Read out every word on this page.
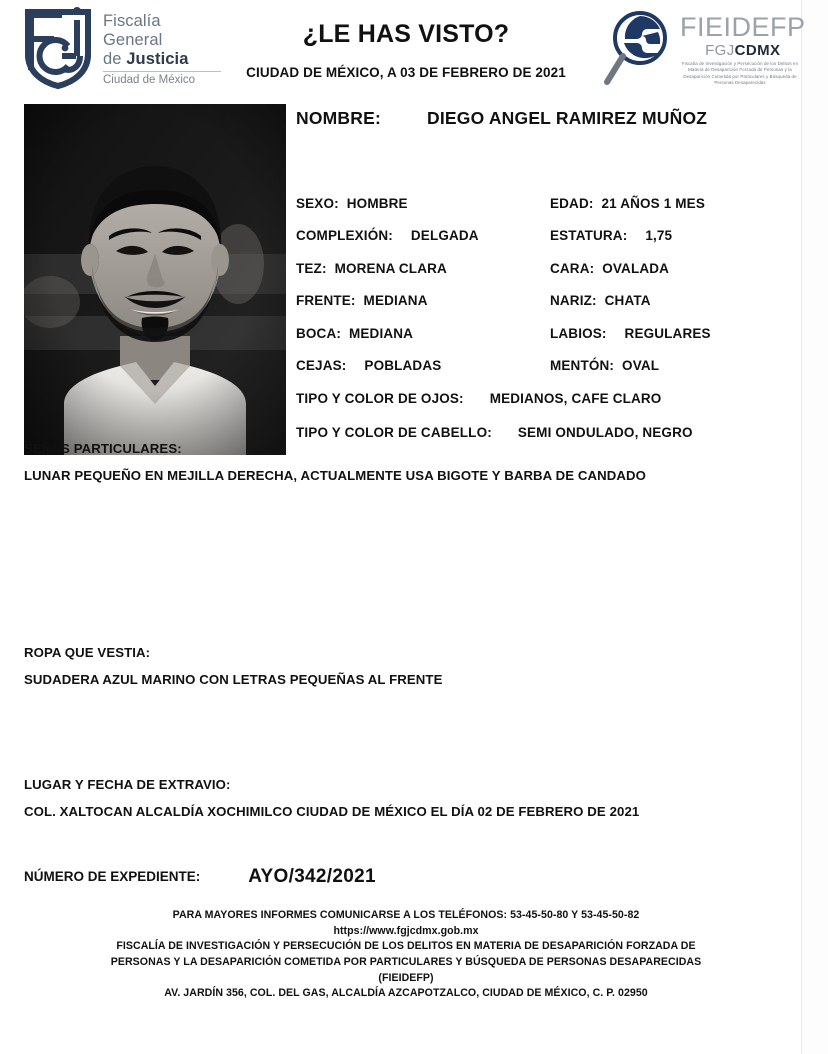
Fiscalía
General
de Justicia
Ciudad de México
¿LE HAS VISTO?
CIUDAD DE MÉXICO, A 03 DE FEBRERO DE 2021
FIEIDEFP
FGJCDMX
Fiscalía de Investigación y Persecución de los Delitos en Materia de Desaparición Forzada de Personas y la Desaparición Cometida por Particulares y Búsqueda de Personas Desaparecidas
NOMBRE:	DIEGO ANGEL RAMIREZ MUÑOZ
SEXO: HOMBRE	EDAD: 21 AÑOS 1 MES
COMPLEXIÓN: DELGADA	ESTATURA: 1,75
TEZ: MORENA CLARA	CARA: OVALADA
FRENTE: MEDIANA	NARIZ: CHATA
BOCA: MEDIANA	LABIOS: REGULARES
CEJAS: POBLADAS	MENTÓN: OVAL
TIPO Y COLOR DE OJOS: MEDIANOS, CAFE CLARO
TIPO Y COLOR DE CABELLO: SEMI ONDULADO, NEGRO
SEÑAS PARTICULARES:
LUNAR PEQUEÑO EN MEJILLA DERECHA, ACTUALMENTE USA BIGOTE Y BARBA DE CANDADO
ROPA QUE VESTIA:
SUDADERA AZUL MARINO CON LETRAS PEQUEÑAS AL FRENTE
LUGAR Y FECHA DE EXTRAVIO:
COL. XALTOCAN ALCALDÍA XOCHIMILCO CIUDAD DE MÉXICO EL DÍA 02 DE FEBRERO DE 2021
NÚMERO DE EXPEDIENTE:	AYO/342/2021
PARA MAYORES INFORMES COMUNICARSE A LOS TELÉFONOS: 53-45-50-80 Y 53-45-50-82
https://www.fgjcdmx.gob.mx
FISCALÍA DE INVESTIGACIÓN Y PERSECUCIÓN DE LOS DELITOS EN MATERIA DE DESAPARICIÓN FORZADA DE
PERSONAS Y LA DESAPARICIÓN COMETIDA POR PARTICULARES Y BÚSQUEDA DE PERSONAS DESAPARECIDAS
(FIEIDEFP)
AV. JARDÍN 356, COL. DEL GAS, ALCALDÍA AZCAPOTZALCO, CIUDAD DE MÉXICO, C. P. 02950
